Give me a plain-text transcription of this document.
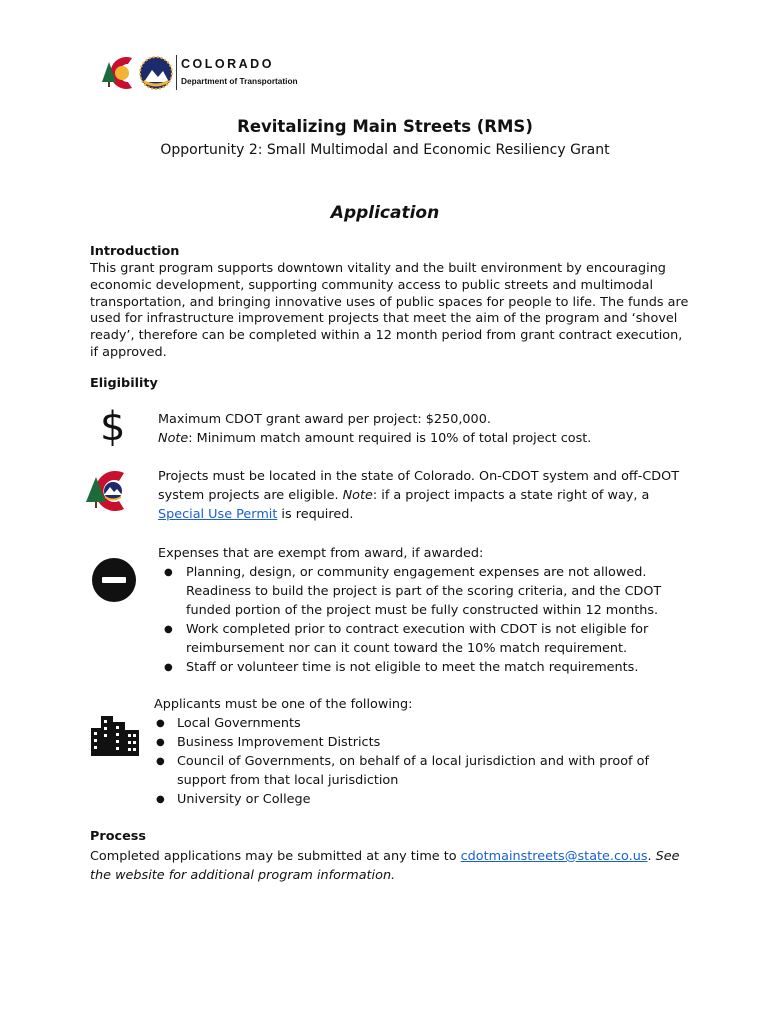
COLORADO
Department of Transportation
Revitalizing Main Streets (RMS)
Opportunity 2: Small Multimodal and Economic Resiliency Grant
Application
Introduction
This grant program supports downtown vitality and the built environment by encouraging
economic development, supporting community access to public streets and multimodal
transportation, and bringing innovative uses of public spaces for people to life. The funds are
used for infrastructure improvement projects that meet the aim of the program and ‘shovel
ready’, therefore can be completed within a 12 month period from grant contract execution,
if approved.
Eligibility
$	Maximum CDOT grant award per project: $250,000.
Note: Minimum match amount required is 10% of total project cost.
Projects must be located in the state of Colorado. On-CDOT system and off-CDOT
system projects are eligible. Note: if a project impacts a state right of way, a
Special Use Permit is required.
Expenses that are exempt from award, if awarded:
● Planning, design, or community engagement expenses are not allowed.
Readiness to build the project is part of the scoring criteria, and the CDOT
funded portion of the project must be fully constructed within 12 months.
● Work completed prior to contract execution with CDOT is not eligible for
reimbursement nor can it count toward the 10% match requirement.
● Staff or volunteer time is not eligible to meet the match requirements.
Applicants must be one of the following:
● Local Governments
● Business Improvement Districts
● Council of Governments, on behalf of a local jurisdiction and with proof of
support from that local jurisdiction
● University or College
Process
Completed applications may be submitted at any time to cdotmainstreets@state.co.us. See
the website for additional program information.
